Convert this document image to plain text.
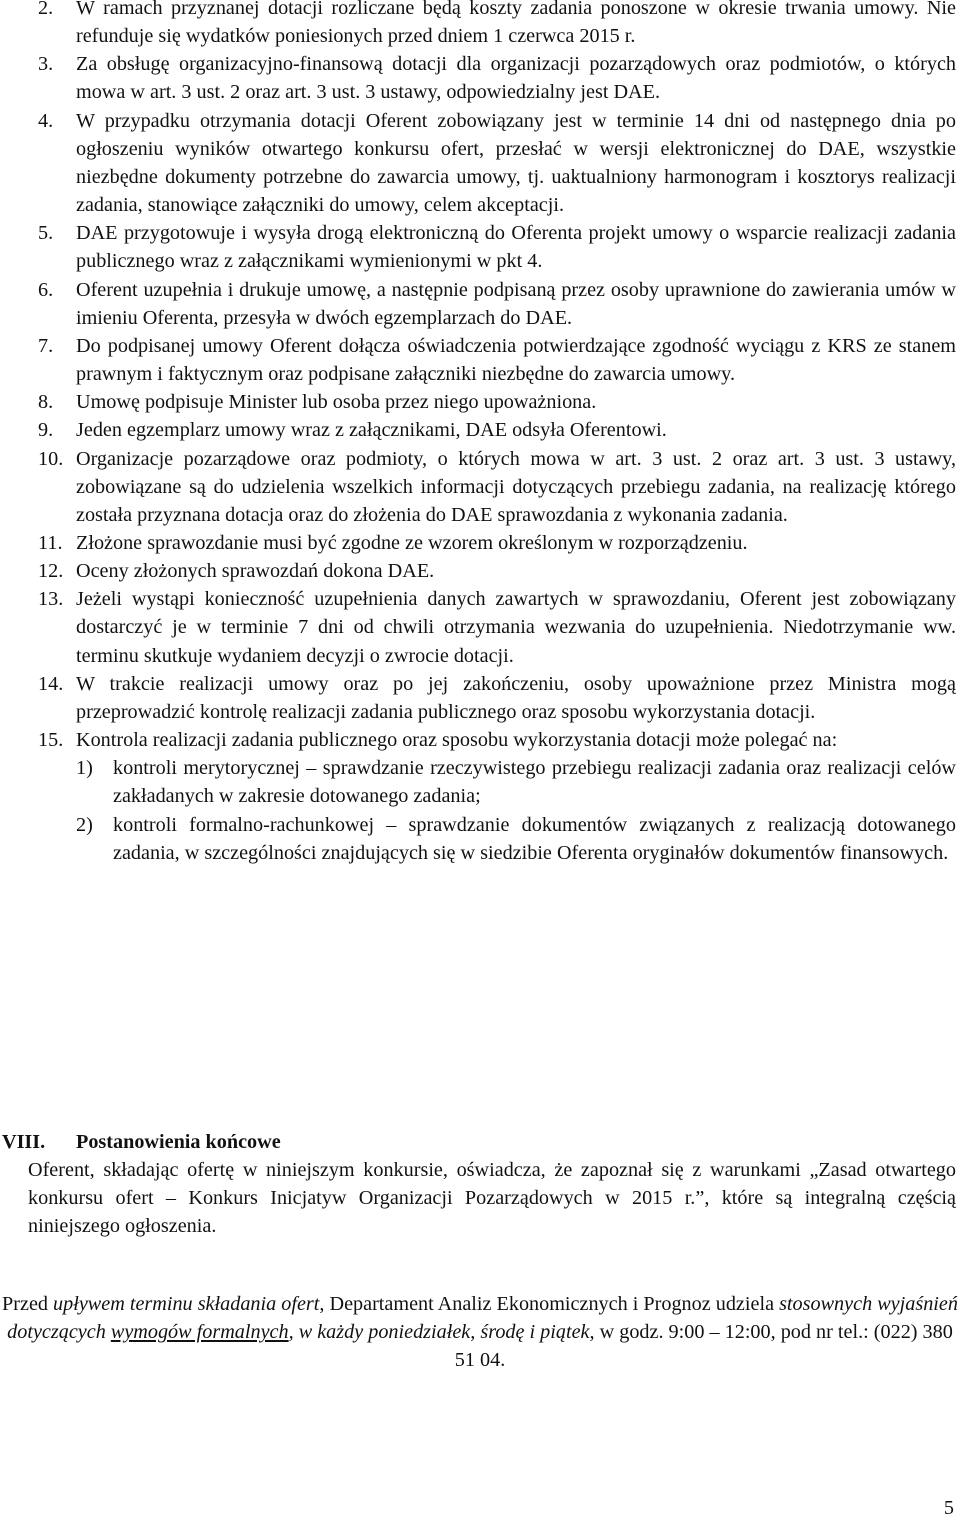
2. W ramach przyznanej dotacji rozliczane będą koszty zadania ponoszone w okresie trwania umowy. Nie refunduje się wydatków poniesionych przed dniem 1 czerwca 2015 r.
3. Za obsługę organizacyjno-finansową dotacji dla organizacji pozarządowych oraz podmiotów, o których mowa w art. 3 ust. 2 oraz art. 3 ust. 3 ustawy, odpowiedzialny jest DAE.
4. W przypadku otrzymania dotacji Oferent zobowiązany jest w terminie 14 dni od następnego dnia po ogłoszeniu wyników otwartego konkursu ofert, przesłać w wersji elektronicznej do DAE, wszystkie niezbędne dokumenty potrzebne do zawarcia umowy, tj. uaktualniony harmonogram i kosztorys realizacji zadania, stanowiące załączniki do umowy, celem akceptacji.
5. DAE przygotowuje i wysyła drogą elektroniczną do Oferenta projekt umowy o wsparcie realizacji zadania publicznego wraz z załącznikami wymienionymi w pkt 4.
6. Oferent uzupełnia i drukuje umowę, a następnie podpisaną przez osoby uprawnione do zawierania umów w imieniu Oferenta, przesyła w dwóch egzemplarzach do DAE.
7. Do podpisanej umowy Oferent dołącza oświadczenia potwierdzające zgodność wyciągu z KRS ze stanem prawnym i faktycznym oraz podpisane załączniki niezbędne do zawarcia umowy.
8. Umowę podpisuje Minister lub osoba przez niego upoważniona.
9. Jeden egzemplarz umowy wraz z załącznikami, DAE odsyła Oferentowi.
10. Organizacje pozarządowe oraz podmioty, o których mowa w art. 3 ust. 2 oraz art. 3 ust. 3 ustawy, zobowiązane są do udzielenia wszelkich informacji dotyczących przebiegu zadania, na realizację którego została przyznana dotacja oraz do złożenia do DAE sprawozdania z wykonania zadania.
11. Złożone sprawozdanie musi być zgodne ze wzorem określonym w rozporządzeniu.
12. Oceny złożonych sprawozdań dokona DAE.
13. Jeżeli wystąpi konieczność uzupełnienia danych zawartych w sprawozdaniu, Oferent jest zobowiązany dostarczyć je w terminie 7 dni od chwili otrzymania wezwania do uzupełnienia. Niedotrzymanie ww. terminu skutkuje wydaniem decyzji o zwrocie dotacji.
14. W trakcie realizacji umowy oraz po jej zakończeniu, osoby upoważnione przez Ministra mogą przeprowadzić kontrolę realizacji zadania publicznego oraz sposobu wykorzystania dotacji.
15. Kontrola realizacji zadania publicznego oraz sposobu wykorzystania dotacji może polegać na:
1) kontroli merytorycznej – sprawdzanie rzeczywistego przebiegu realizacji zadania oraz realizacji celów zakładanych w zakresie dotowanego zadania;
2) kontroli formalno-rachunkowej – sprawdzanie dokumentów związanych z realizacją dotowanego zadania, w szczególności znajdujących się w siedzibie Oferenta oryginałów dokumentów finansowych.
VIII. Postanowienia końcowe
Oferent, składając ofertę w niniejszym konkursie, oświadcza, że zapoznał się z warunkami „Zasad otwartego konkursu ofert – Konkurs Inicjatyw Organizacji Pozarządowych w 2015 r.”, które są integralną częścią niniejszego ogłoszenia.
Przed upływem terminu składania ofert, Departament Analiz Ekonomicznych i Prognoz udziela stosownych wyjaśnień dotyczących wymogów formalnych, w każdy poniedziałek, środę i piątek, w godz. 9:00 – 12:00, pod nr tel.: (022) 380 51 04.
5
